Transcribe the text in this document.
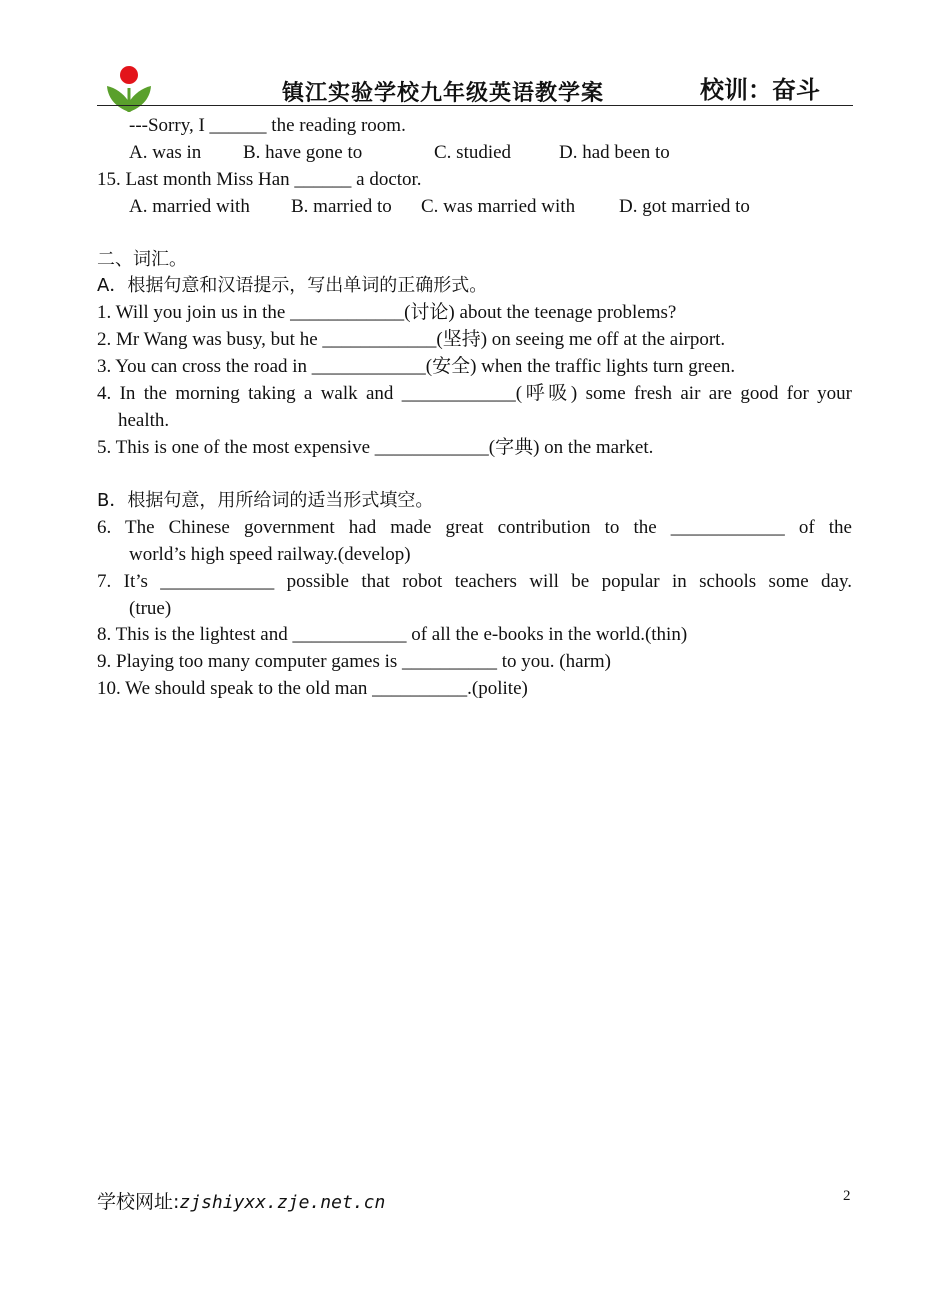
镇江实验学校九年级英语教学案	校训：奋斗
---Sorry, I ______ the reading room.
A. was in B. have gone to	C. studied	D. had been to
15. Last month Miss Han ______ a doctor.
A. married with B. married to C. was married with D. got married to
二、词汇。
A．根据句意和汉语提示，写出单词的正确形式。
1. Will you join us in the ____________(讨论) about the teenage problems?
2. Mr Wang was busy, but he ____________(坚持) on seeing me off at the airport.
3. You can cross the road in ____________(安全) when the traffic lights turn green.
4. In the morning taking a walk and ____________(呼吸) some fresh air are good for your
health.
5. This is one of the most expensive ____________(字典) on the market.
B．根据句意，用所给词的适当形式填空。
6. The Chinese government had made great contribution to the ____________ of the
world’s high speed railway.(develop)
7. It’s ____________ possible that robot teachers will be popular in schools some day.
(true)
8. This is the lightest and ____________ of all the e-books in the world.(thin)
9. Playing too many computer games is __________ to you. (harm)
10. We should speak to the old man __________.(polite)
学校网址:zjshiyxx.zje.net.cn	2
